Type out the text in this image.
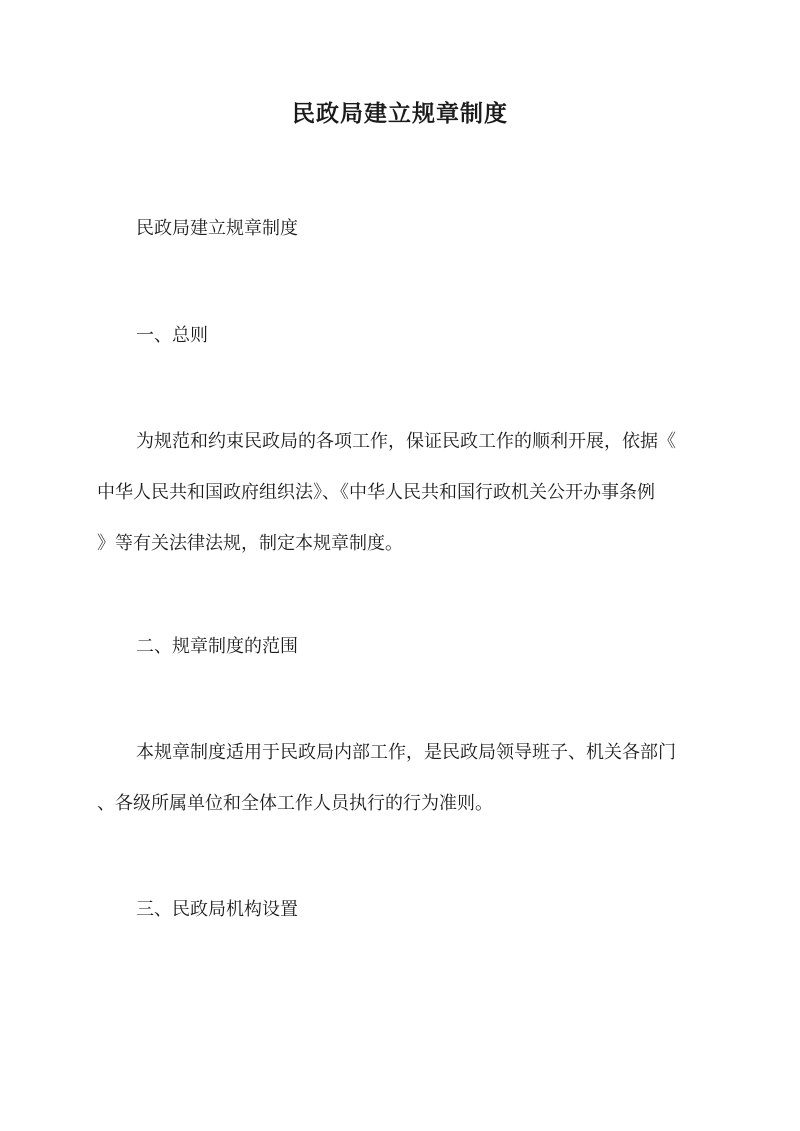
民政局建立规章制度
民政局建立规章制度
一、总则
为规范和约束民政局的各项工作，保证民政工作的顺利开展，依据《
中华人民共和国政府组织法》、《中华人民共和国行政机关公开办事条例
》等有关法律法规，制定本规章制度。
二、规章制度的范围
本规章制度适用于民政局内部工作，是民政局领导班子、机关各部门
、各级所属单位和全体工作人员执行的行为准则。
三、民政局机构设置
